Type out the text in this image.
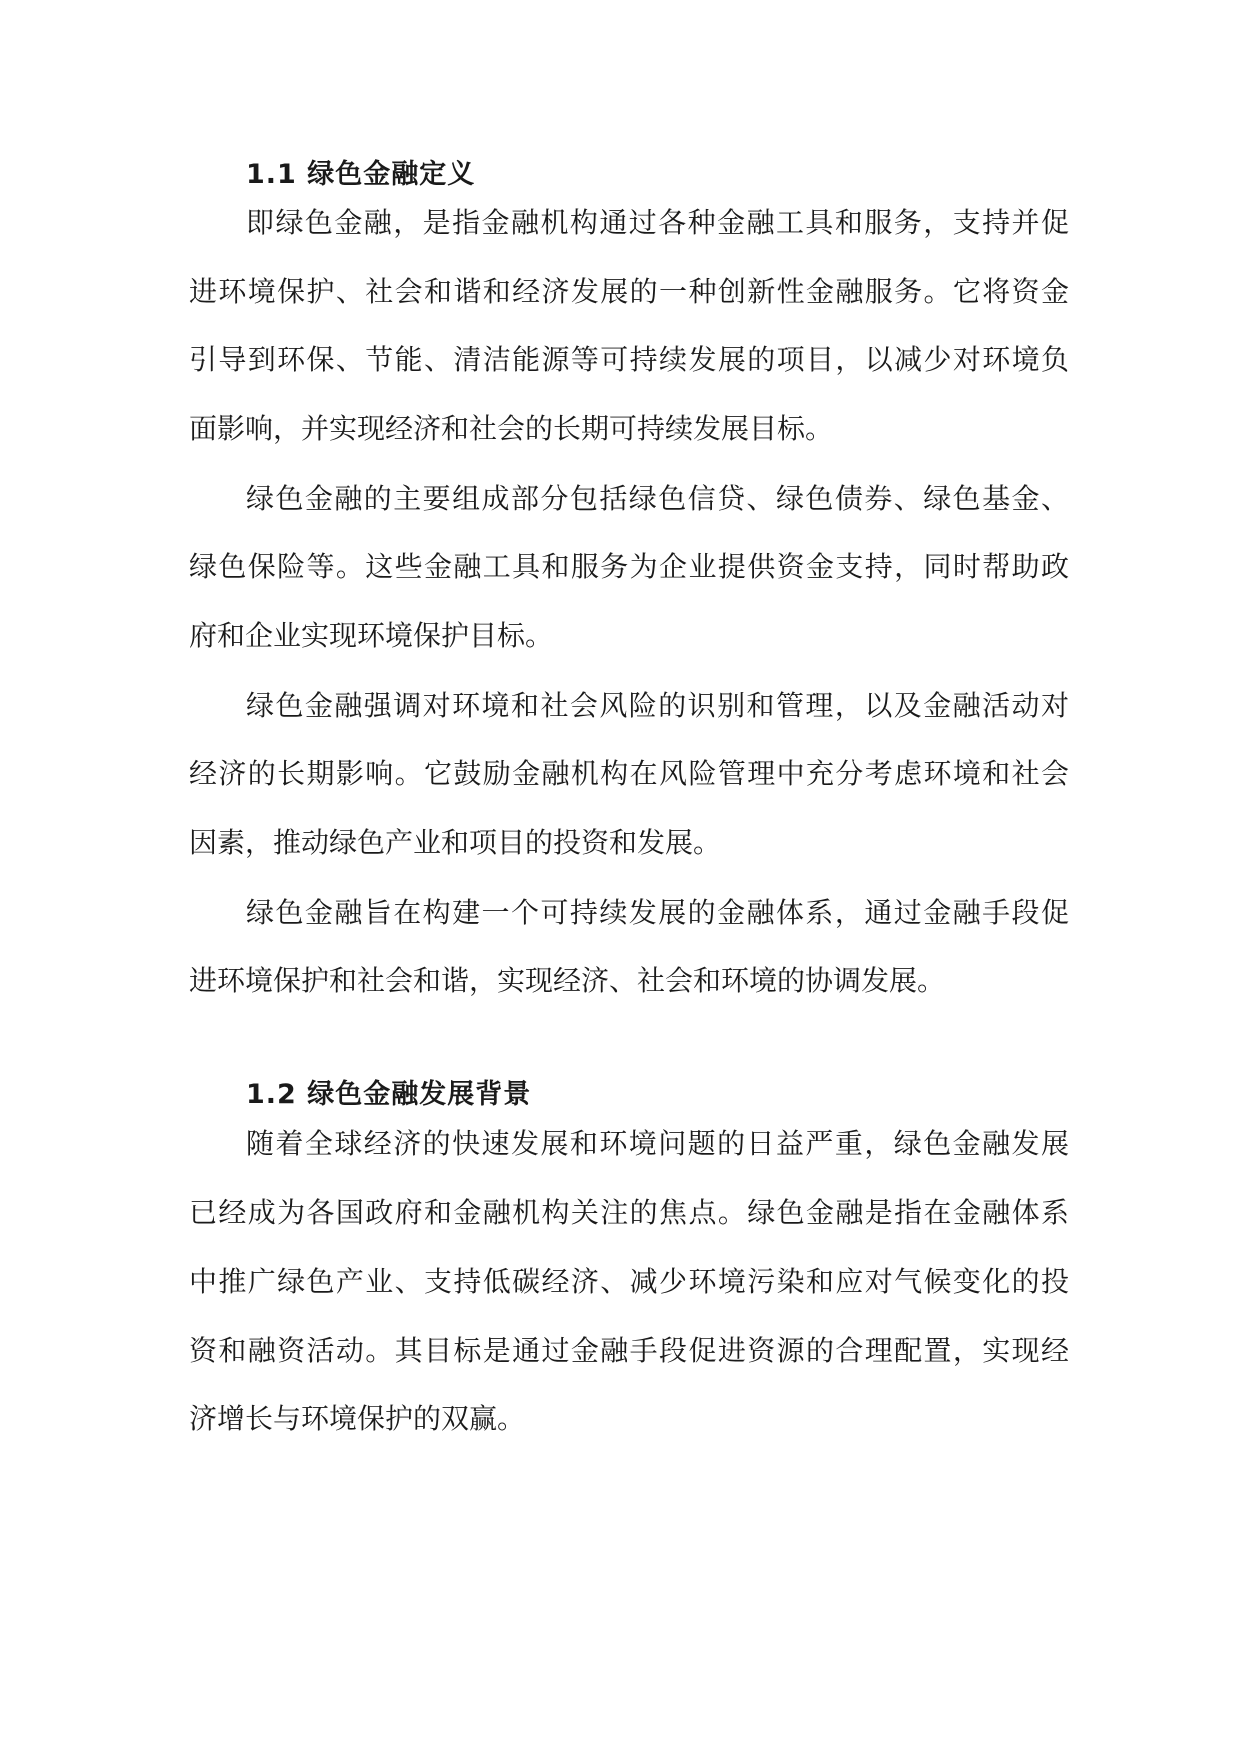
1.1 绿色金融定义
即绿色金融，是指金融机构通过各种金融工具和服务，支持并促
进环境保护、社会和谐和经济发展的一种创新性金融服务。它将资金
引导到环保、节能、清洁能源等可持续发展的项目，以减少对环境负
面影响，并实现经济和社会的长期可持续发展目标。
绿色金融的主要组成部分包括绿色信贷、绿色债券、绿色基金、
绿色保险等。这些金融工具和服务为企业提供资金支持，同时帮助政
府和企业实现环境保护目标。
绿色金融强调对环境和社会风险的识别和管理，以及金融活动对
经济的长期影响。它鼓励金融机构在风险管理中充分考虑环境和社会
因素，推动绿色产业和项目的投资和发展。
绿色金融旨在构建一个可持续发展的金融体系，通过金融手段促
进环境保护和社会和谐，实现经济、社会和环境的协调发展。
1.2 绿色金融发展背景
随着全球经济的快速发展和环境问题的日益严重，绿色金融发展
已经成为各国政府和金融机构关注的焦点。绿色金融是指在金融体系
中推广绿色产业、支持低碳经济、减少环境污染和应对气候变化的投
资和融资活动。其目标是通过金融手段促进资源的合理配置，实现经
济增长与环境保护的双赢。
